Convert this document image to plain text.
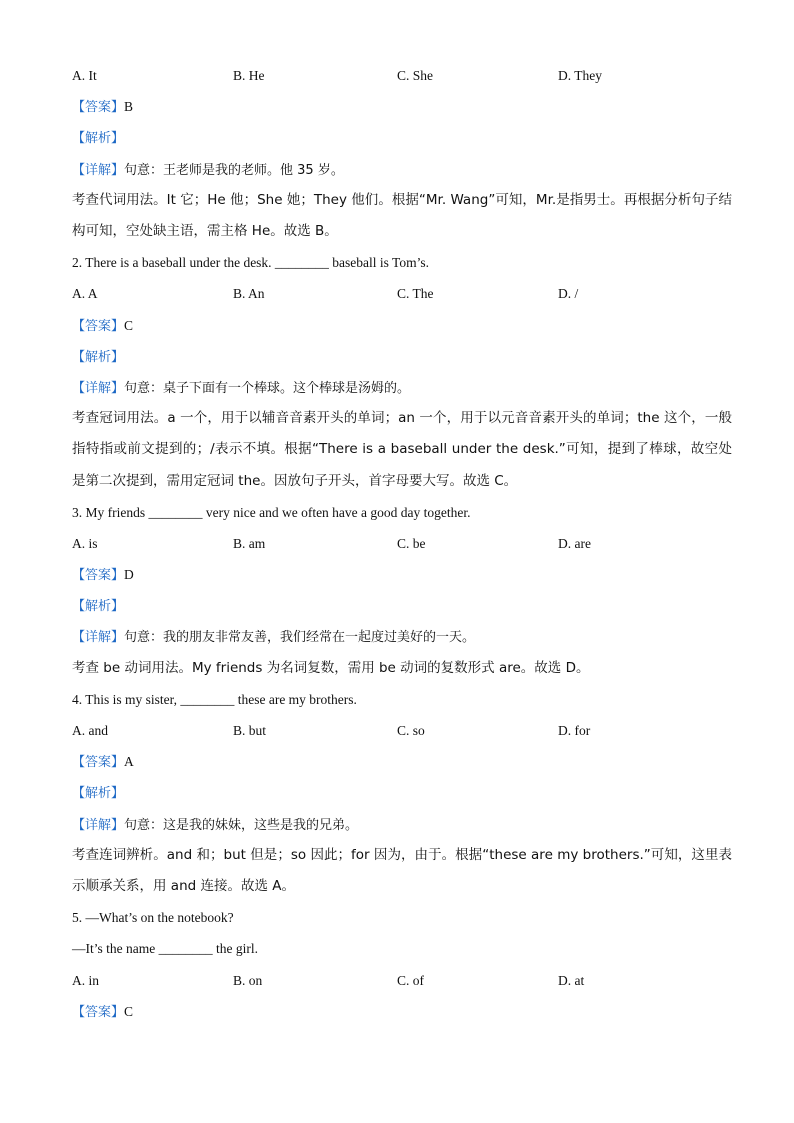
A. It	B. He	C. She	D. They
【答案】B
【解析】
【详解】句意：王老师是我的老师。他 35 岁。
考查代词用法。It 它；He 他；She 她；They 他们。根据“Mr. Wang”可知，Mr.是指男士。再根据分析句子结构可知，空处缺主语，需主格 He。故选 B。
2. There is a baseball under the desk. ________ baseball is Tom’s.
A. A	B. An	C. The	D. /
【答案】C
【解析】
【详解】句意：桌子下面有一个棒球。这个棒球是汤姆的。
考查冠词用法。a 一个，用于以辅音音素开头的单词；an 一个，用于以元音音素开头的单词；the 这个，一般指特指或前文提到的；/表示不填。根据“There is a baseball under the desk.”可知，提到了棒球，故空处是第二次提到，需用定冠词 the。因放句子开头，首字母要大写。故选 C。
3. My friends ________ very nice and we often have a good day together.
A. is	B. am	C. be	D. are
【答案】D
【解析】
【详解】句意：我的朋友非常友善，我们经常在一起度过美好的一天。
考查 be 动词用法。My friends 为名词复数，需用 be 动词的复数形式 are。故选 D。
4. This is my sister, ________ these are my brothers.
A. and	B. but	C. so	D. for
【答案】A
【解析】
【详解】句意：这是我的妹妹，这些是我的兄弟。
考查连词辨析。and 和；but 但是；so 因此；for 因为，由于。根据“these are my brothers.”可知，这里表示顺承关系，用 and 连接。故选 A。
5. —What’s on the notebook?
—It’s the name ________ the girl.
A. in	B. on	C. of	D. at
【答案】C
